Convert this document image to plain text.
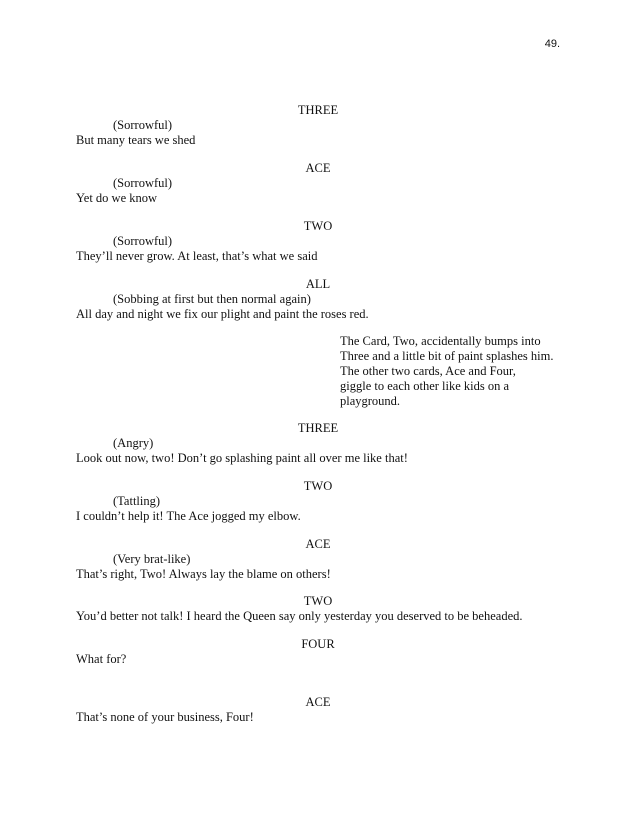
49.
THREE
(Sorrowful)
But many tears we shed
ACE
(Sorrowful)
Yet do we know
TWO
(Sorrowful)
They’ll never grow. At least, that’s what we said
ALL
(Sobbing at first but then normal again)
All day and night we fix our plight and paint the roses red.
The Card, Two, accidentally bumps into
Three and a little bit of paint splashes him.
The other two cards, Ace and Four,
giggle to each other like kids on a
playground.
THREE
(Angry)
Look out now, two! Don’t go splashing paint all over me like that!
TWO
(Tattling)
I couldn’t help it! The Ace jogged my elbow.
ACE
(Very brat-like)
That’s right, Two! Always lay the blame on others!
TWO
You’d better not talk! I heard the Queen say only yesterday you deserved to be beheaded.
FOUR
What for?
ACE
That’s none of your business, Four!
